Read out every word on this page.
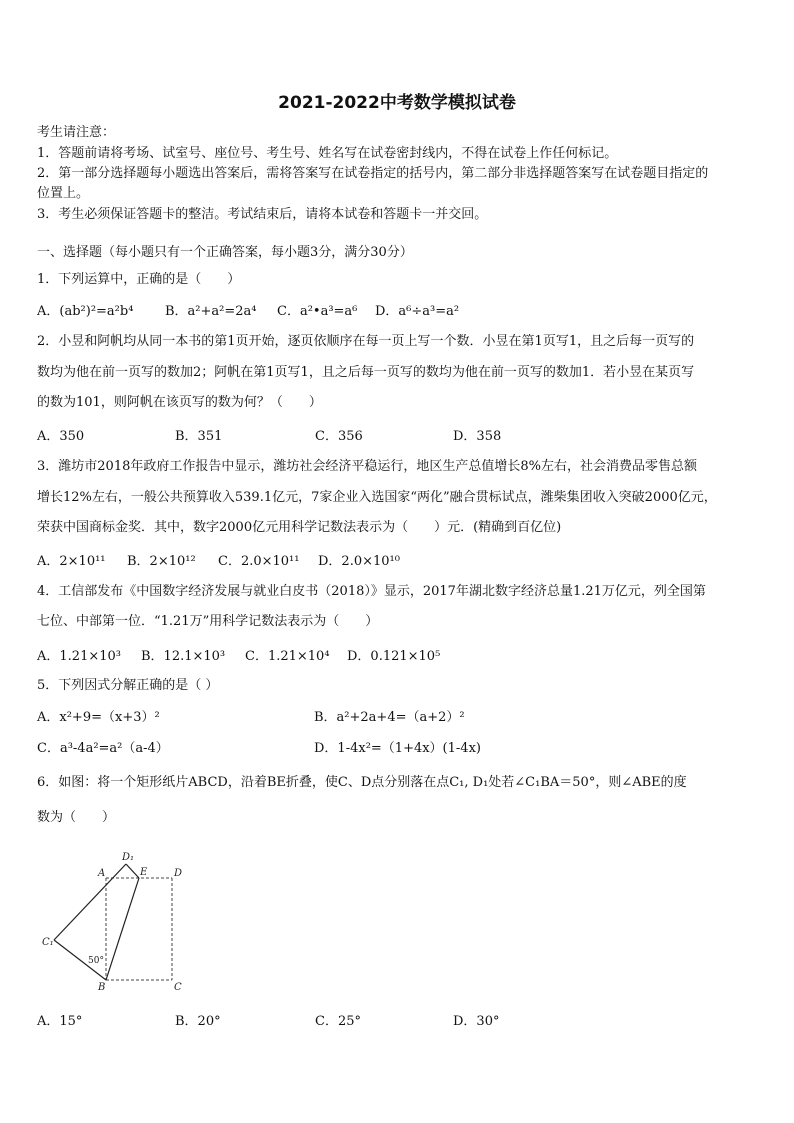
2021-2022中考数学模拟试卷
考生请注意：
1．答题前请将考场、试室号、座位号、考生号、姓名写在试卷密封线内，不得在试卷上作任何标记。
2．第一部分选择题每小题选出答案后，需将答案写在试卷指定的括号内，第二部分非选择题答案写在试卷题目指定的
位置上。
3．考生必须保证答题卡的整洁。考试结束后，请将本试卷和答题卡一并交回。
一、选择题（每小题只有一个正确答案，每小题3分，满分30分）
1．下列运算中，正确的是（　　）
A．(ab²)²=a²b⁴ B．a²+a²=2a⁴ C．a²•a³=a⁶ D．a⁶÷a³=a²
2．小昱和阿帆均从同一本书的第1页开始，逐页依顺序在每一页上写一个数．小昱在第1页写1，且之后每一页写的
数均为他在前一页写的数加2；阿帆在第1页写1，且之后每一页写的数均为他在前一页写的数加1．若小昱在某页写
的数为101，则阿帆在该页写的数为何？（　　）
A．350	B．351	C．356	D．358
3．潍坊市2018年政府工作报告中显示，潍坊社会经济平稳运行，地区生产总值增长8%左右，社会消费品零售总额
增长12%左右，一般公共预算收入539.1亿元，7家企业入选国家“两化”融合贯标试点，潍柴集团收入突破2000亿元，
荣获中国商标金奖．其中，数字2000亿元用科学记数法表示为（　　）元．(精确到百亿位)
A．2×10¹¹ B．2×10¹² C．2.0×10¹¹ D．2.0×10¹⁰
4．工信部发布《中国数字经济发展与就业白皮书（2018）》显示，2017年湖北数字经济总量1.21万亿元，列全国第
七位、中部第一位．“1.21万”用科学记数法表示为（　　）
A．1.21×10³ B．12.1×10³ C．1.21×10⁴ D．0.121×10⁵
5．下列因式分解正确的是（ ）
A．x²+9=（x+3）²	B．a²+2a+4=（a+2）²
C．a³-4a²=a²（a-4）	D．1-4x²=（1+4x）(1-4x)
6．如图：将一个矩形纸片ABCD，沿着BE折叠，使C、D点分别落在点C₁, D₁处若∠C₁BA＝50°，则∠ABE的度
数为（　　）
A
D₁
E	D
C₁
50°
B	C
A．15°	B．20°	C．25°	D．30°
